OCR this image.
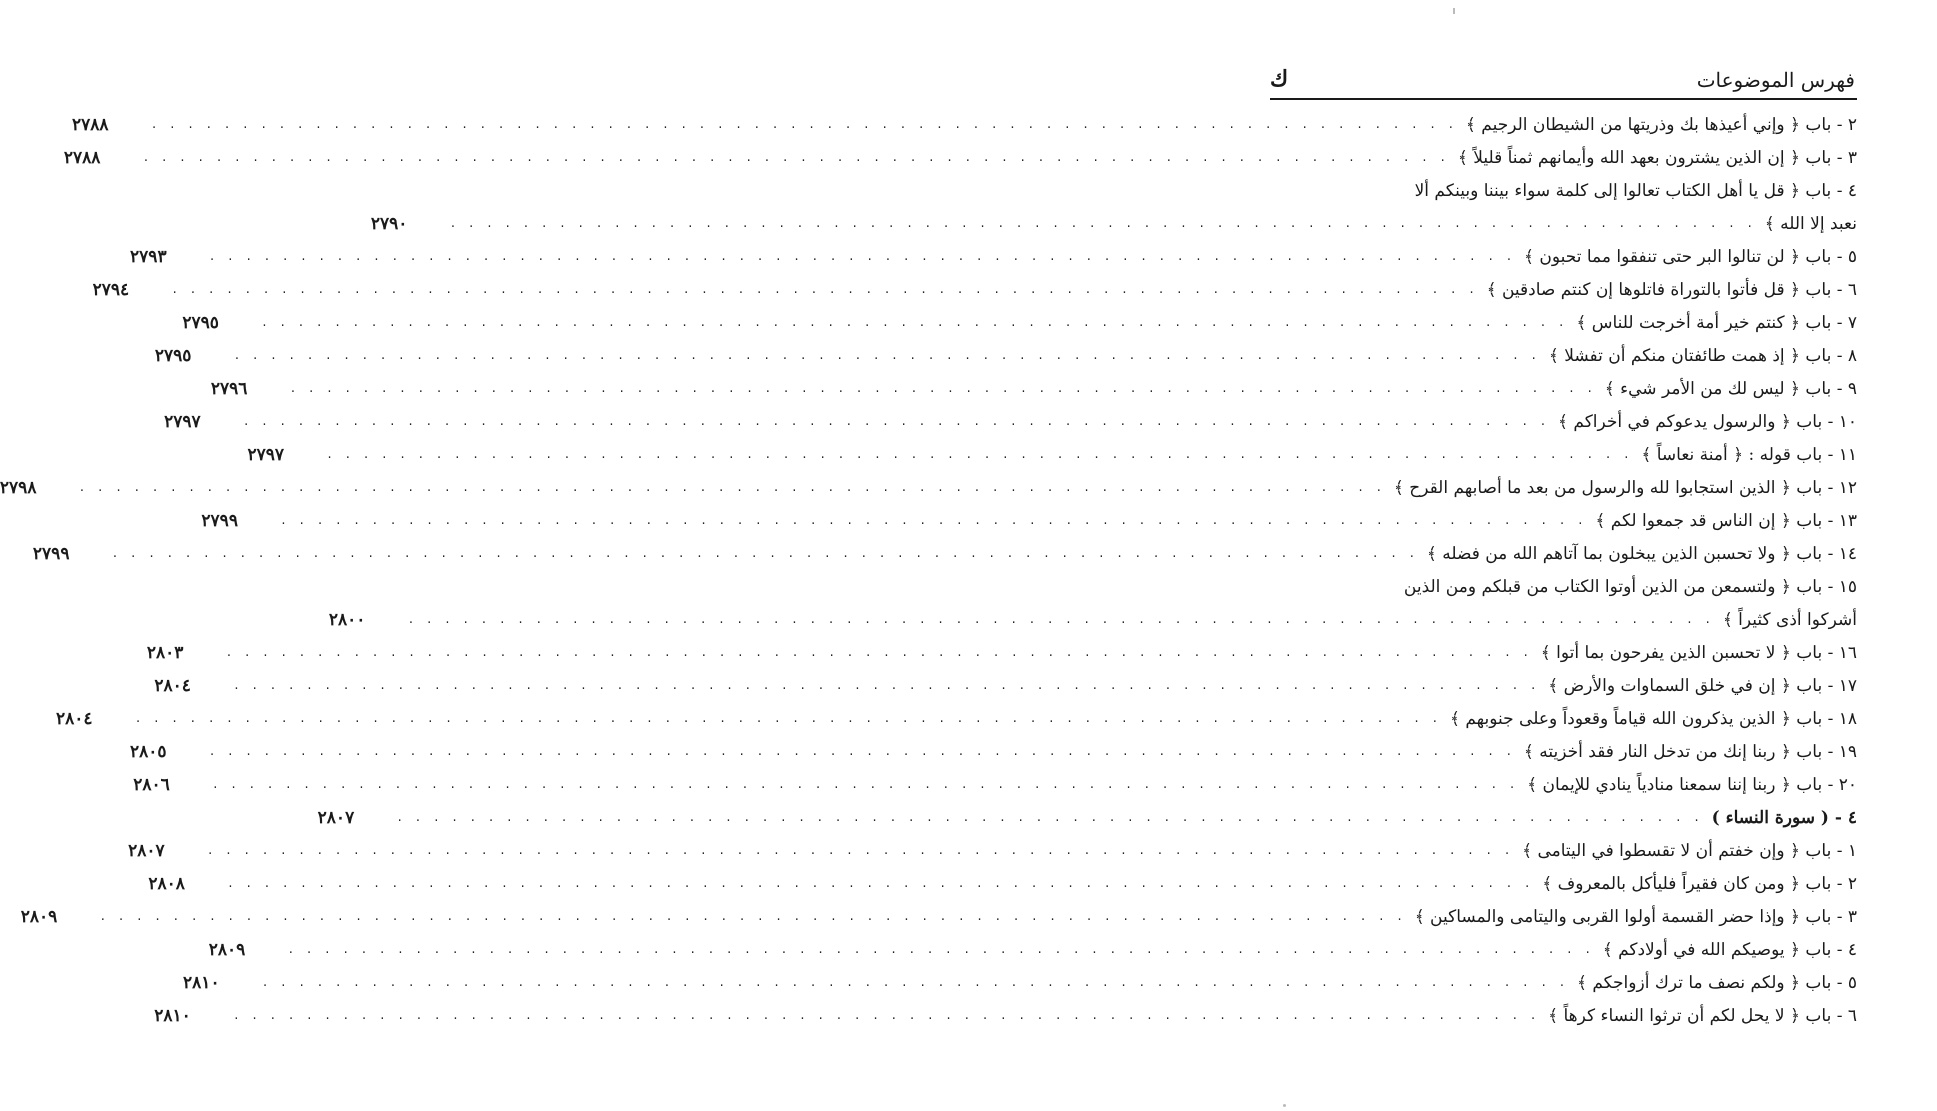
فهرس الموضوعات
ك
٢ - باب ﴿ وإني أعيذها بك وذريتها من الشيطان الرجيم ﴾
. . . . . . . . . . . . . . . . . . . . . . . . . . . . . . . . . . . . . . . . . . . . . . . . . . . . . . . . . . . . . . . . . . . . . . . .
٢٧٨٨
٣ - باب ﴿ إن الذين يشترون بعهد الله وأيمانهم ثمناً قليلاً ﴾
. . . . . . . . . . . . . . . . . . . . . . . . . . . . . . . . . . . . . . . . . . . . . . . . . . . . . . . . . . . . . . . . . . . . . . . .
٢٧٨٨
٤ - باب ﴿ قل يا أهل الكتاب تعالوا إلى كلمة سواء بيننا وبينكم ألا
نعبد إلا الله ﴾
. . . . . . . . . . . . . . . . . . . . . . . . . . . . . . . . . . . . . . . . . . . . . . . . . . . . . . . . . . . . . . . . . . . . . . . .
٢٧٩٠
٥ - باب ﴿ لن تنالوا البر حتى تنفقوا مما تحبون ﴾
. . . . . . . . . . . . . . . . . . . . . . . . . . . . . . . . . . . . . . . . . . . . . . . . . . . . . . . . . . . . . . . . . . . . . . . .
٢٧٩٣
٦ - باب ﴿ قل فأتوا بالتوراة فاتلوها إن كنتم صادقين ﴾
. . . . . . . . . . . . . . . . . . . . . . . . . . . . . . . . . . . . . . . . . . . . . . . . . . . . . . . . . . . . . . . . . . . . . . . .
٢٧٩٤
٧ - باب ﴿ كنتم خير أمة أخرجت للناس ﴾
. . . . . . . . . . . . . . . . . . . . . . . . . . . . . . . . . . . . . . . . . . . . . . . . . . . . . . . . . . . . . . . . . . . . . . . .
٢٧٩٥
٨ - باب ﴿ إذ همت طائفتان منكم أن تفشلا ﴾
. . . . . . . . . . . . . . . . . . . . . . . . . . . . . . . . . . . . . . . . . . . . . . . . . . . . . . . . . . . . . . . . . . . . . . . .
٢٧٩٥
٩ - باب ﴿ ليس لك من الأمر شيء ﴾
. . . . . . . . . . . . . . . . . . . . . . . . . . . . . . . . . . . . . . . . . . . . . . . . . . . . . . . . . . . . . . . . . . . . . . . .
٢٧٩٦
١٠ - باب ﴿ والرسول يدعوكم في أخراكم ﴾
. . . . . . . . . . . . . . . . . . . . . . . . . . . . . . . . . . . . . . . . . . . . . . . . . . . . . . . . . . . . . . . . . . . . . . . .
٢٧٩٧
١١ - باب قوله : ﴿ أمنة نعاساً ﴾
. . . . . . . . . . . . . . . . . . . . . . . . . . . . . . . . . . . . . . . . . . . . . . . . . . . . . . . . . . . . . . . . . . . . . . . .
٢٧٩٧
١٢ - باب ﴿ الذين استجابوا لله والرسول من بعد ما أصابهم القرح ﴾
. . . . . . . . . . . . . . . . . . . . . . . . . . . . . . . . . . . . . . . . . . . . . . . . . . . . . . . . . . . . . . . . . . . . . . . .
٢٧٩٨
١٣ - باب ﴿ إن الناس قد جمعوا لكم ﴾
. . . . . . . . . . . . . . . . . . . . . . . . . . . . . . . . . . . . . . . . . . . . . . . . . . . . . . . . . . . . . . . . . . . . . . . .
٢٧٩٩
١٤ - باب ﴿ ولا تحسبن الذين يبخلون بما آتاهم الله من فضله ﴾
. . . . . . . . . . . . . . . . . . . . . . . . . . . . . . . . . . . . . . . . . . . . . . . . . . . . . . . . . . . . . . . . . . . . . . . .
٢٧٩٩
١٥ - باب ﴿ ولتسمعن من الذين أوتوا الكتاب من قبلكم ومن الذين
أشركوا أذى كثيراً ﴾
. . . . . . . . . . . . . . . . . . . . . . . . . . . . . . . . . . . . . . . . . . . . . . . . . . . . . . . . . . . . . . . . . . . . . . . .
٢٨٠٠
١٦ - باب ﴿ لا تحسبن الذين يفرحون بما أتوا ﴾
. . . . . . . . . . . . . . . . . . . . . . . . . . . . . . . . . . . . . . . . . . . . . . . . . . . . . . . . . . . . . . . . . . . . . . . .
٢٨٠٣
١٧ - باب ﴿ إن في خلق السماوات والأرض ﴾
. . . . . . . . . . . . . . . . . . . . . . . . . . . . . . . . . . . . . . . . . . . . . . . . . . . . . . . . . . . . . . . . . . . . . . . .
٢٨٠٤
١٨ - باب ﴿ الذين يذكرون الله قياماً وقعوداً وعلى جنوبهم ﴾
. . . . . . . . . . . . . . . . . . . . . . . . . . . . . . . . . . . . . . . . . . . . . . . . . . . . . . . . . . . . . . . . . . . . . . . .
٢٨٠٤
١٩ - باب ﴿ ربنا إنك من تدخل النار فقد أخزيته ﴾
. . . . . . . . . . . . . . . . . . . . . . . . . . . . . . . . . . . . . . . . . . . . . . . . . . . . . . . . . . . . . . . . . . . . . . . .
٢٨٠٥
٢٠ - باب ﴿ ربنا إننا سمعنا منادياً ينادي للإيمان ﴾
. . . . . . . . . . . . . . . . . . . . . . . . . . . . . . . . . . . . . . . . . . . . . . . . . . . . . . . . . . . . . . . . . . . . . . . .
٢٨٠٦
٤ - ( سورة النساء )
. . . . . . . . . . . . . . . . . . . . . . . . . . . . . . . . . . . . . . . . . . . . . . . . . . . . . . . . . . . . . . . . . . . . . . . .
٢٨٠٧
١ - باب ﴿ وإن خفتم أن لا تقسطوا في اليتامى ﴾
. . . . . . . . . . . . . . . . . . . . . . . . . . . . . . . . . . . . . . . . . . . . . . . . . . . . . . . . . . . . . . . . . . . . . . . .
٢٨٠٧
٢ - باب ﴿ ومن كان فقيراً فليأكل بالمعروف ﴾
. . . . . . . . . . . . . . . . . . . . . . . . . . . . . . . . . . . . . . . . . . . . . . . . . . . . . . . . . . . . . . . . . . . . . . . .
٢٨٠٨
٣ - باب ﴿ وإذا حضر القسمة أولوا القربى واليتامى والمساكين ﴾
. . . . . . . . . . . . . . . . . . . . . . . . . . . . . . . . . . . . . . . . . . . . . . . . . . . . . . . . . . . . . . . . . . . . . . . .
٢٨٠٩
٤ - باب ﴿ يوصيكم الله في أولادكم ﴾
. . . . . . . . . . . . . . . . . . . . . . . . . . . . . . . . . . . . . . . . . . . . . . . . . . . . . . . . . . . . . . . . . . . . . . . .
٢٨٠٩
٥ - باب ﴿ ولكم نصف ما ترك أزواجكم ﴾
. . . . . . . . . . . . . . . . . . . . . . . . . . . . . . . . . . . . . . . . . . . . . . . . . . . . . . . . . . . . . . . . . . . . . . . .
٢٨١٠
٦ - باب ﴿ لا يحل لكم أن ترثوا النساء كرهاً ﴾
. . . . . . . . . . . . . . . . . . . . . . . . . . . . . . . . . . . . . . . . . . . . . . . . . . . . . . . . . . . . . . . . . . . . . . . .
٢٨١٠
